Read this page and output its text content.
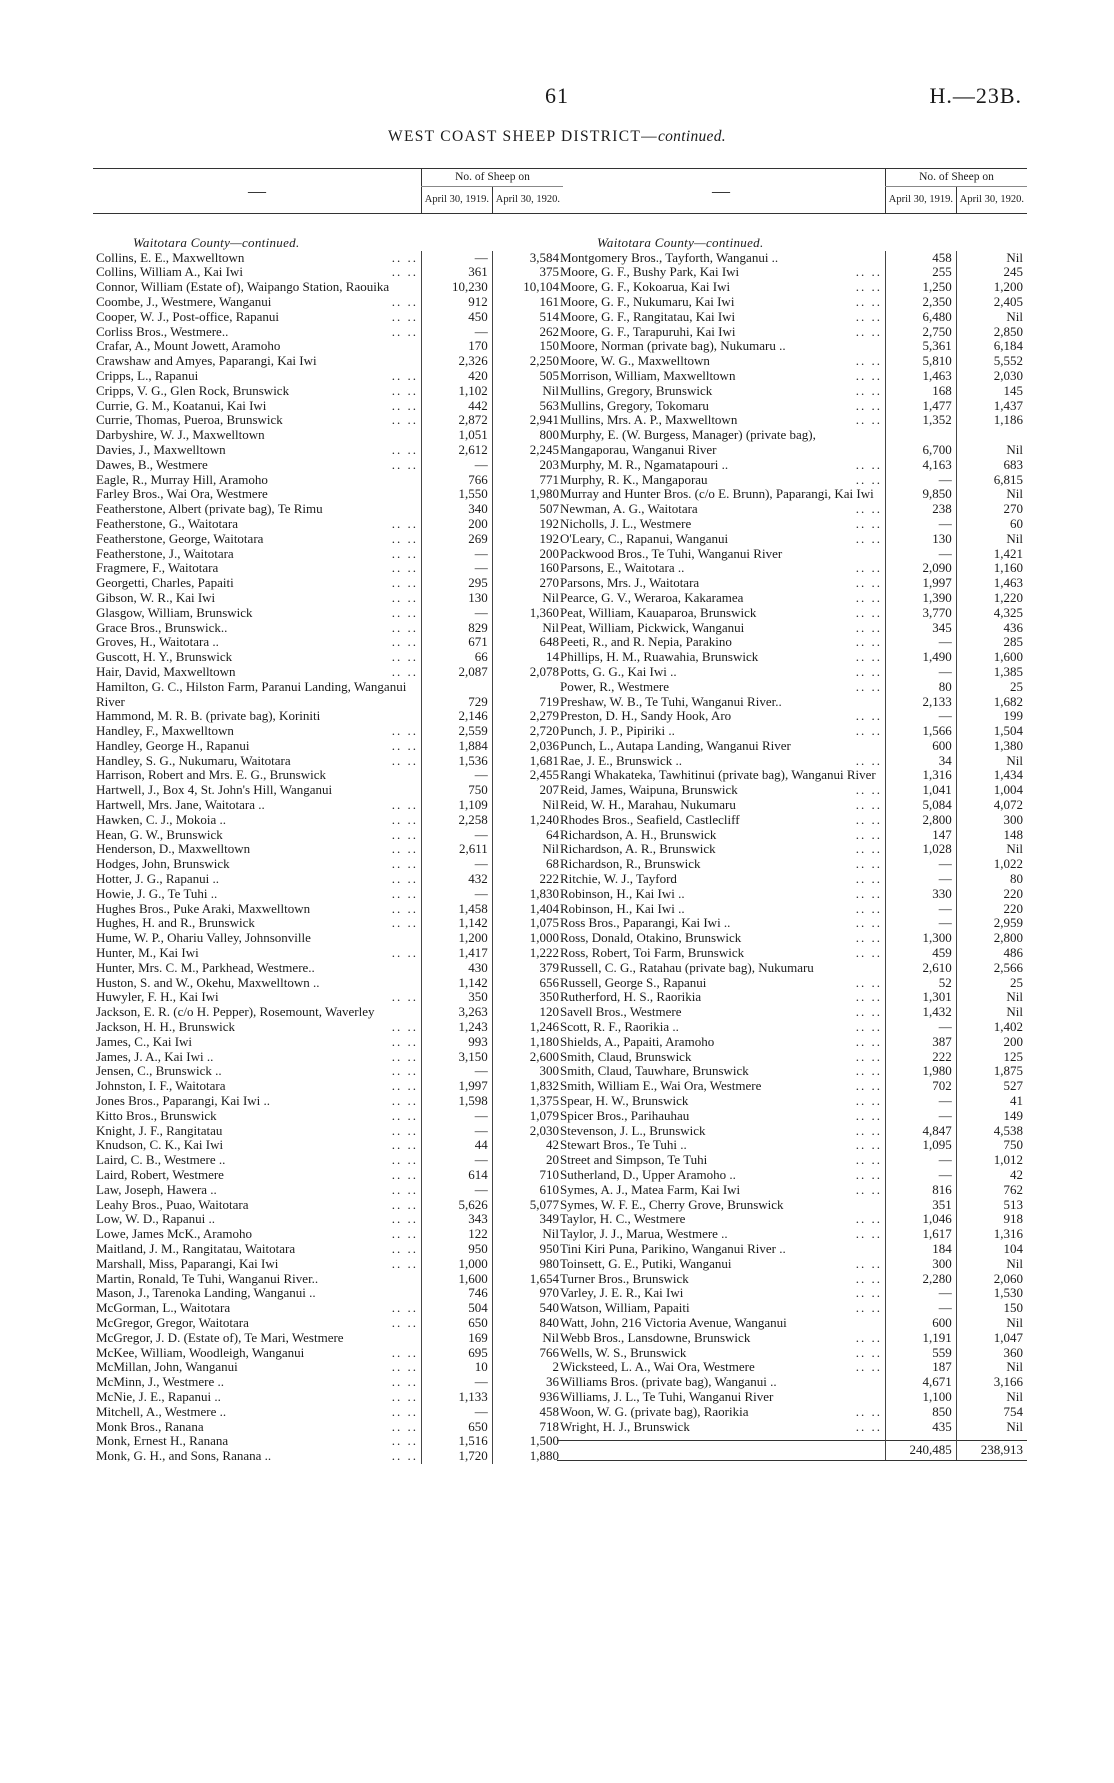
61	H.—23B.
WEST COAST SHEEP DISTRICT—continued.
—	No. of Sheep on	
	April 30, 1919.	April 30, 1920.
Waitotara County—continued.		

.. ..
Collins, E. E., Maxwelltown	—	3,584

.. ..
Collins, William A., Kai Iwi	361	375
Connor, William (Estate of), Waipango Station, Raouika	10,230	10,104

.. ..
Coombe, J., Westmere, Wanganui	912	161

.. ..
Cooper, W. J., Post-office, Rapanui	450	514

.. ..
Corliss Bros., Westmere..	—	262
Crafar, A., Mount Jowett, Aramoho	170	150
Crawshaw and Amyes, Paparangi, Kai Iwi	2,326	2,250

.. ..
Cripps, L., Rapanui	420	505

.. ..
Cripps, V. G., Glen Rock, Brunswick	1,102	Nil

.. ..
Currie, G. M., Koatanui, Kai Iwi	442	563

.. ..
Currie, Thomas, Pueroa, Brunswick	2,872	2,941
Darbyshire, W. J., Maxwelltown	1,051	800

.. ..
Davies, J., Maxwelltown	2,612	2,245

.. ..
Dawes, B., Westmere	—	203
Eagle, R., Murray Hill, Aramoho	766	771
Farley Bros., Wai Ora, Westmere	1,550	1,980
Featherstone, Albert (private bag), Te Rimu	340	507

.. ..
Featherstone, G., Waitotara	200	192

.. ..
Featherstone, George, Waitotara	269	192

.. ..
Featherstone, J., Waitotara	—	200

.. ..
Fragmere, F., Waitotara	—	160

.. ..
Georgetti, Charles, Papaiti	295	270

.. ..
Gibson, W. R., Kai Iwi	130	Nil

.. ..
Glasgow, William, Brunswick	—	1,360

.. ..
Grace Bros., Brunswick..	829	Nil

.. ..
Groves, H., Waitotara ..	671	648

.. ..
Guscott, H. Y., Brunswick	66	14

.. ..
Hair, David, Maxwelltown	2,087	2,078
Hamilton, G. C., Hilston Farm, Paranui Landing, Wanganui River	729	719
Hammond, M. R. B. (private bag), Koriniti	2,146	2,279

.. ..
Handley, F., Maxwelltown	2,559	2,720

.. ..
Handley, George H., Rapanui	1,884	2,036

.. ..
Handley, S. G., Nukumaru, Waitotara	1,536	1,681
Harrison, Robert and Mrs. E. G., Brunswick	—	2,455
Hartwell, J., Box 4, St. John's Hill, Wanganui	750	207

.. ..
Hartwell, Mrs. Jane, Waitotara ..	1,109	Nil

.. ..
Hawken, C. J., Mokoia ..	2,258	1,240

.. ..
Hean, G. W., Brunswick	—	64

.. ..
Henderson, D., Maxwelltown	2,611	Nil

.. ..
Hodges, John, Brunswick	—	68

.. ..
Hotter, J. G., Rapanui ..	432	222

.. ..
Howie, J. G., Te Tuhi ..	—	1,830

.. ..
Hughes Bros., Puke Araki, Maxwelltown	1,458	1,404

.. ..
Hughes, H. and R., Brunswick	1,142	1,075
Hume, W. P., Ohariu Valley, Johnsonville	1,200	1,000

.. ..
Hunter, M., Kai Iwi	1,417	1,222
Hunter, Mrs. C. M., Parkhead, Westmere..	430	379
Huston, S. and W., Okehu, Maxwelltown ..	1,142	656

.. ..
Huwyler, F. H., Kai Iwi	350	350
Jackson, E. R. (c/o H. Pepper), Rosemount, Waverley	3,263	120

.. ..
Jackson, H. H., Brunswick	1,243	1,246

.. ..
James, C., Kai Iwi	993	1,180

.. ..
James, J. A., Kai Iwi ..	3,150	2,600

.. ..
Jensen, C., Brunswick ..	—	300

.. ..
Johnston, I. F., Waitotara	1,997	1,832

.. ..
Jones Bros., Paparangi, Kai Iwi ..	1,598	1,375

.. ..
Kitto Bros., Brunswick	—	1,079

.. ..
Knight, J. F., Rangitatau	—	2,030

.. ..
Knudson, C. K., Kai Iwi	44	42

.. ..
Laird, C. B., Westmere ..	—	20

.. ..
Laird, Robert, Westmere	614	710

.. ..
Law, Joseph, Hawera ..	—	610

.. ..
Leahy Bros., Puao, Waitotara	5,626	5,077

.. ..
Low, W. D., Rapanui ..	343	349

.. ..
Lowe, James McK., Aramoho	122	Nil

.. ..
Maitland, J. M., Rangitatau, Waitotara	950	950

.. ..
Marshall, Miss, Paparangi, Kai Iwi	1,000	980
Martin, Ronald, Te Tuhi, Wanganui River..	1,600	1,654
Mason, J., Tarenoka Landing, Wanganui ..	746	970

.. ..
McGorman, L., Waitotara	504	540

.. ..
McGregor, Gregor, Waitotara	650	840
McGregor, J. D. (Estate of), Te Mari, Westmere	169	Nil

.. ..
McKee, William, Woodleigh, Wanganui	695	766

.. ..
McMillan, John, Wanganui	10	2

.. ..
McMinn, J., Westmere ..	—	36

.. ..
McNie, J. E., Rapanui ..	1,133	936

.. ..
Mitchell, A., Westmere ..	—	458

.. ..
Monk Bros., Ranana	650	718

.. ..
Monk, Ernest H., Ranana	1,516	1,500

.. ..
Monk, G. H., and Sons, Ranana ..	1,720	1,880
—	No. of Sheep on	
	April 30, 1919.	April 30, 1920.
Waitotara County—continued.		
Montgomery Bros., Tayforth, Wanganui ..	458	Nil

.. ..
Moore, G. F., Bushy Park, Kai Iwi	255	245

.. ..
Moore, G. F., Kokoarua, Kai Iwi	1,250	1,200

.. ..
Moore, G. F., Nukumaru, Kai Iwi	2,350	2,405

.. ..
Moore, G. F., Rangitatau, Kai Iwi	6,480	Nil

.. ..
Moore, G. F., Tarapuruhi, Kai Iwi	2,750	2,850
Moore, Norman (private bag), Nukumaru ..	5,361	6,184

.. ..
Moore, W. G., Maxwelltown	5,810	5,552

.. ..
Morrison, William, Maxwelltown	1,463	2,030

.. ..
Mullins, Gregory, Brunswick	168	145

.. ..
Mullins, Gregory, Tokomaru	1,477	1,437

.. ..
Mullins, Mrs. A. P., Maxwelltown	1,352	1,186
Murphy, E. (W. Burgess, Manager) (private bag), Mangaporau, Wanganui River	6,700	Nil

.. ..
Murphy, M. R., Ngamatapouri ..	4,163	683

.. ..
Murphy, R. K., Mangaporau	—	6,815
Murray and Hunter Bros. (c/o E. Brunn), Paparangi, Kai Iwi	9,850	Nil

.. ..
Newman, A. G., Waitotara	238	270

.. ..
Nicholls, J. L., Westmere	—	60

.. ..
O'Leary, C., Rapanui, Wanganui	130	Nil
Packwood Bros., Te Tuhi, Wanganui River	—	1,421

.. ..
Parsons, E., Waitotara ..	2,090	1,160

.. ..
Parsons, Mrs. J., Waitotara	1,997	1,463

.. ..
Pearce, G. V., Weraroa, Kakaramea	1,390	1,220

.. ..
Peat, William, Kauaparoa, Brunswick	3,770	4,325

.. ..
Peat, William, Pickwick, Wanganui	345	436

.. ..
Peeti, R., and R. Nepia, Parakino	—	285

.. ..
Phillips, H. M., Ruawahia, Brunswick	1,490	1,600

.. ..
Potts, G. G., Kai Iwi ..	—	1,385

.. ..
Power, R., Westmere	80	25
Preshaw, W. B., Te Tuhi, Wanganui River..	2,133	1,682

.. ..
Preston, D. H., Sandy Hook, Aro	—	199

.. ..
Punch, J. P., Pipiriki ..	1,566	1,504
Punch, L., Autapa Landing, Wanganui River	600	1,380

.. ..
Rae, J. E., Brunswick ..	34	Nil
Rangi Whakateka, Tawhitinui (private bag), Wanganui River	1,316	1,434

.. ..
Reid, James, Waipuna, Brunswick	1,041	1,004

.. ..
Reid, W. H., Marahau, Nukumaru	5,084	4,072

.. ..
Rhodes Bros., Seafield, Castlecliff	2,800	300

.. ..
Richardson, A. H., Brunswick	147	148

.. ..
Richardson, A. R., Brunswick	1,028	Nil

.. ..
Richardson, R., Brunswick	—	1,022

.. ..
Ritchie, W. J., Tayford	—	80

.. ..
Robinson, H., Kai Iwi ..	330	220

.. ..
Robinson, H., Kai Iwi ..	—	220

.. ..
Ross Bros., Paparangi, Kai Iwi ..	—	2,959

.. ..
Ross, Donald, Otakino, Brunswick	1,300	2,800

.. ..
Ross, Robert, Toi Farm, Brunswick	459	486
Russell, C. G., Ratahau (private bag), Nukumaru	2,610	2,566

.. ..
Russell, George S., Rapanui	52	25

.. ..
Rutherford, H. S., Raorikia	1,301	Nil

.. ..
Savell Bros., Westmere	1,432	Nil

.. ..
Scott, R. F., Raorikia ..	—	1,402

.. ..
Shields, A., Papaiti, Aramoho	387	200

.. ..
Smith, Claud, Brunswick	222	125

.. ..
Smith, Claud, Tauwhare, Brunswick	1,980	1,875

.. ..
Smith, William E., Wai Ora, Westmere	702	527

.. ..
Spear, H. W., Brunswick	—	41

.. ..
Spicer Bros., Parihauhau	—	149

.. ..
Stevenson, J. L., Brunswick	4,847	4,538

.. ..
Stewart Bros., Te Tuhi ..	1,095	750

.. ..
Street and Simpson, Te Tuhi	—	1,012

.. ..
Sutherland, D., Upper Aramoho ..	—	42

.. ..
Symes, A. J., Matea Farm, Kai Iwi	816	762
Symes, W. F. E., Cherry Grove, Brunswick	351	513

.. ..
Taylor, H. C., Westmere	1,046	918

.. ..
Taylor, J. J., Marua, Westmere ..	1,617	1,316
Tini Kiri Puna, Parikino, Wanganui River ..	184	104

.. ..
Toinsett, G. E., Putiki, Wanganui	300	Nil

.. ..
Turner Bros., Brunswick	2,280	2,060

.. ..
Varley, J. E. R., Kai Iwi	—	1,530

.. ..
Watson, William, Papaiti	—	150
Watt, John, 216 Victoria Avenue, Wanganui	600	Nil

.. ..
Webb Bros., Lansdowne, Brunswick	1,191	1,047

.. ..
Wells, W. S., Brunswick	559	360

.. ..
Wicksteed, L. A., Wai Ora, Westmere	187	Nil
Williams Bros. (private bag), Wanganui ..	4,671	3,166
Williams, J. L., Te Tuhi, Wanganui River	1,100	Nil

.. ..
Woon, W. G. (private bag), Raorikia	850	754

.. ..
Wright, H. J., Brunswick	435	Nil

	240,485	238,913
